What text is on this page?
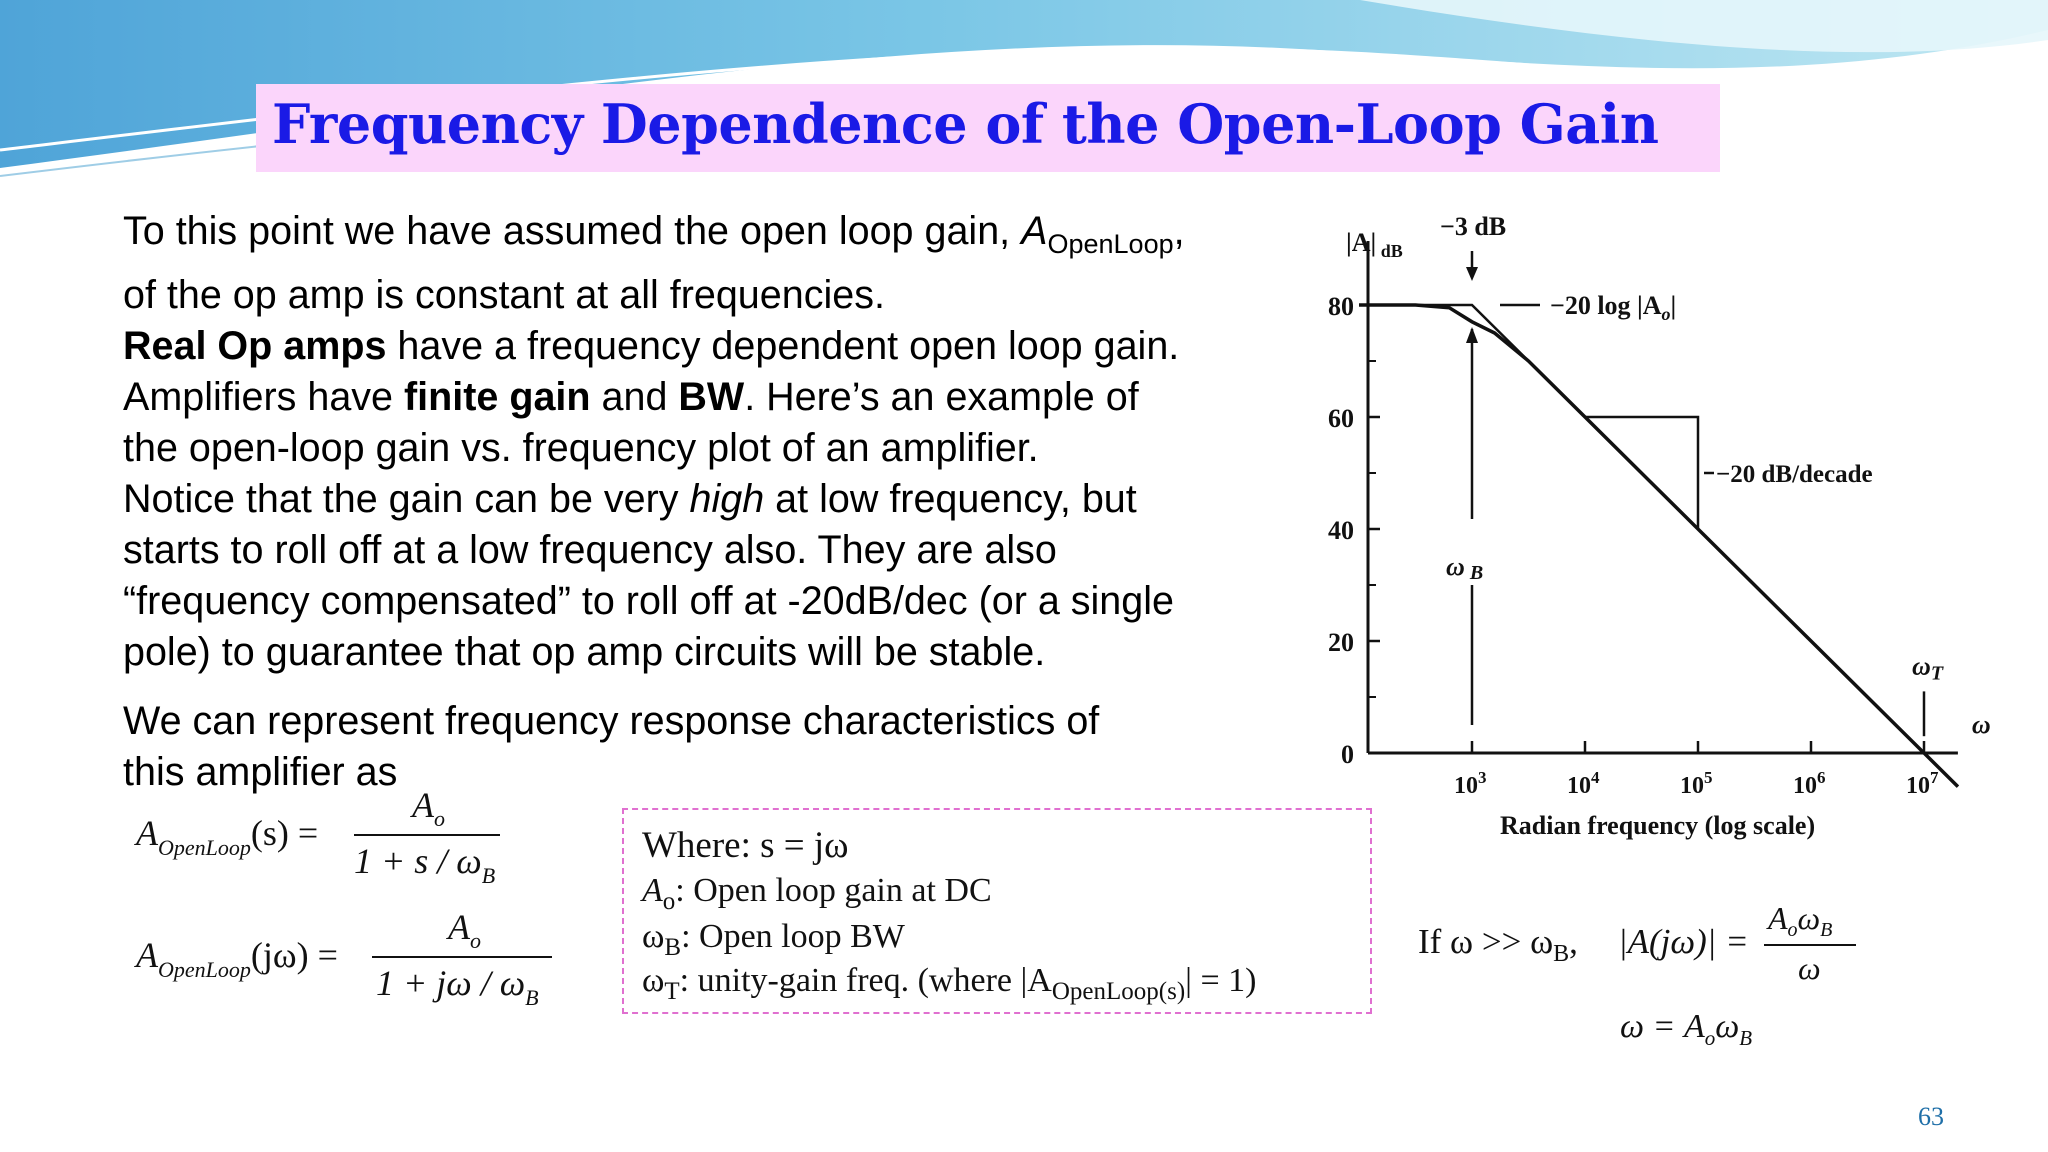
Frequency Dependence of the Open-Loop Gain

To this point we have assumed the open loop gain, $A_{OpenLoop}$,
of the op amp is constant at all frequencies.

Real Op amps have a frequency dependent open loop gain.

Amplifiers have finite gain and BW. Here’s an example of
the open-loop gain vs. frequency plot of an amplifier.

Notice that the gain can be very high at low frequency, but
starts to roll off at a low frequency also. They are also
“frequency compensated” to roll off at -20dB/dec (or a single
pole) to guarantee that op amp circuits will be stable.

We can represent frequency response characteristics of
this amplifier as

$A_{OpenLoop}(s)$ =
$A_o$
$1 + s / \omega_B$
$A_{OpenLoop}(j\omega)$ =
$A_o$
$1 + j\omega / \omega_B$
Where: s = jω
$A_o$: Open loop gain at DC
$\omega_B$: Open loop BW
$\omega_T$: unity-gain freq. (where $|A_{OpenLoop(s)}| = 1$)
0
20
40
60
80
$10^3$	$10^4$	$10^5$	$10^6$	$10^7$
|A| $_{dB}$
Radian frequency (log scale)
ω
−3 dB
−20 $\log |A_o|$
−20 dB/decade
ω B
ωT
If $\omega >> \omega_B$, |A(jω)| =
$A_o\omega_B$
ω
$\omega = A_o\omega_B$
63
